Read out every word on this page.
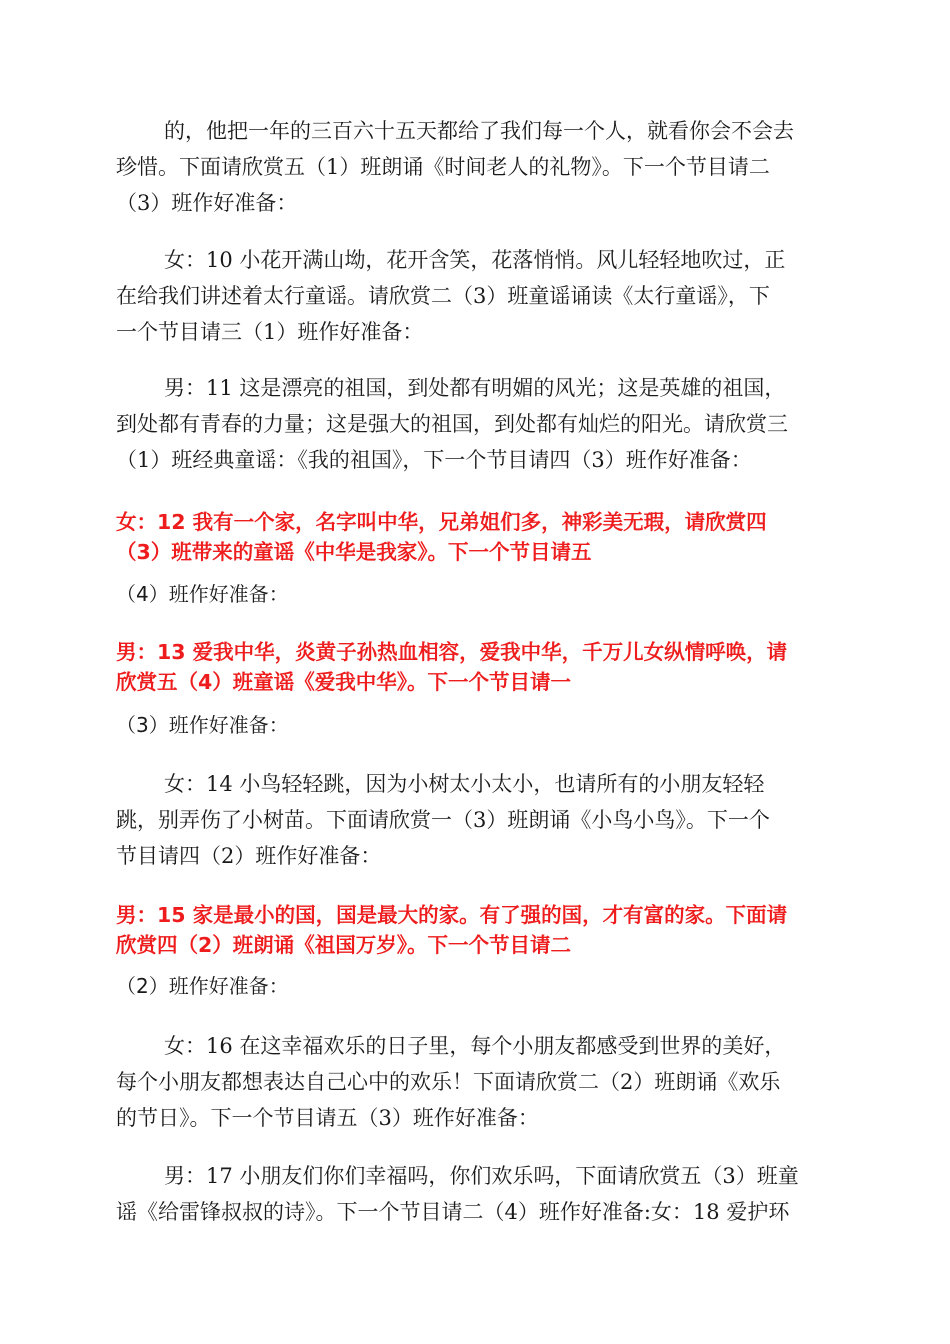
的，他把一年的三百六十五天都给了我们每一个人，就看你会不会去
珍惜。下面请欣赏五（1）班朗诵《时间老人的礼物》。下一个节目请二
（3）班作好准备：
女：10 小花开满山坳，花开含笑，花落悄悄。风儿轻轻地吹过，正
在给我们讲述着太行童谣。请欣赏二（3）班童谣诵读《太行童谣》，下
一个节目请三（1）班作好准备：
男：11 这是漂亮的祖国，到处都有明媚的风光；这是英雄的祖国，
到处都有青春的力量；这是强大的祖国，到处都有灿烂的阳光。请欣赏三
（1）班经典童谣：《我的祖国》，下一个节目请四（3）班作好准备：
女：12 我有一个家，名字叫中华，兄弟姐们多，神彩美无瑕，请欣赏四
（3）班带来的童谣《中华是我家》。下一个节目请五
（4）班作好准备：
男：13 爱我中华，炎黄子孙热血相容，爱我中华，千万儿女纵情呼唤，请
欣赏五（4）班童谣《爱我中华》。下一个节目请一
（3）班作好准备：
女：14 小鸟轻轻跳，因为小树太小太小，也请所有的小朋友轻轻
跳，别弄伤了小树苗。下面请欣赏一（3）班朗诵《小鸟小鸟》。下一个
节目请四（2）班作好准备：
男：15 家是最小的国，国是最大的家。有了强的国，才有富的家。下面请
欣赏四（2）班朗诵《祖国万岁》。下一个节目请二
（2）班作好准备：
女：16 在这幸福欢乐的日子里，每个小朋友都感受到世界的美好，
每个小朋友都想表达自己心中的欢乐！下面请欣赏二（2）班朗诵《欢乐
的节日》。下一个节目请五（3）班作好准备：
男：17 小朋友们你们幸福吗，你们欢乐吗，下面请欣赏五（3）班童
谣《给雷锋叔叔的诗》。下一个节目请二（4）班作好准备:女：18 爱护环
